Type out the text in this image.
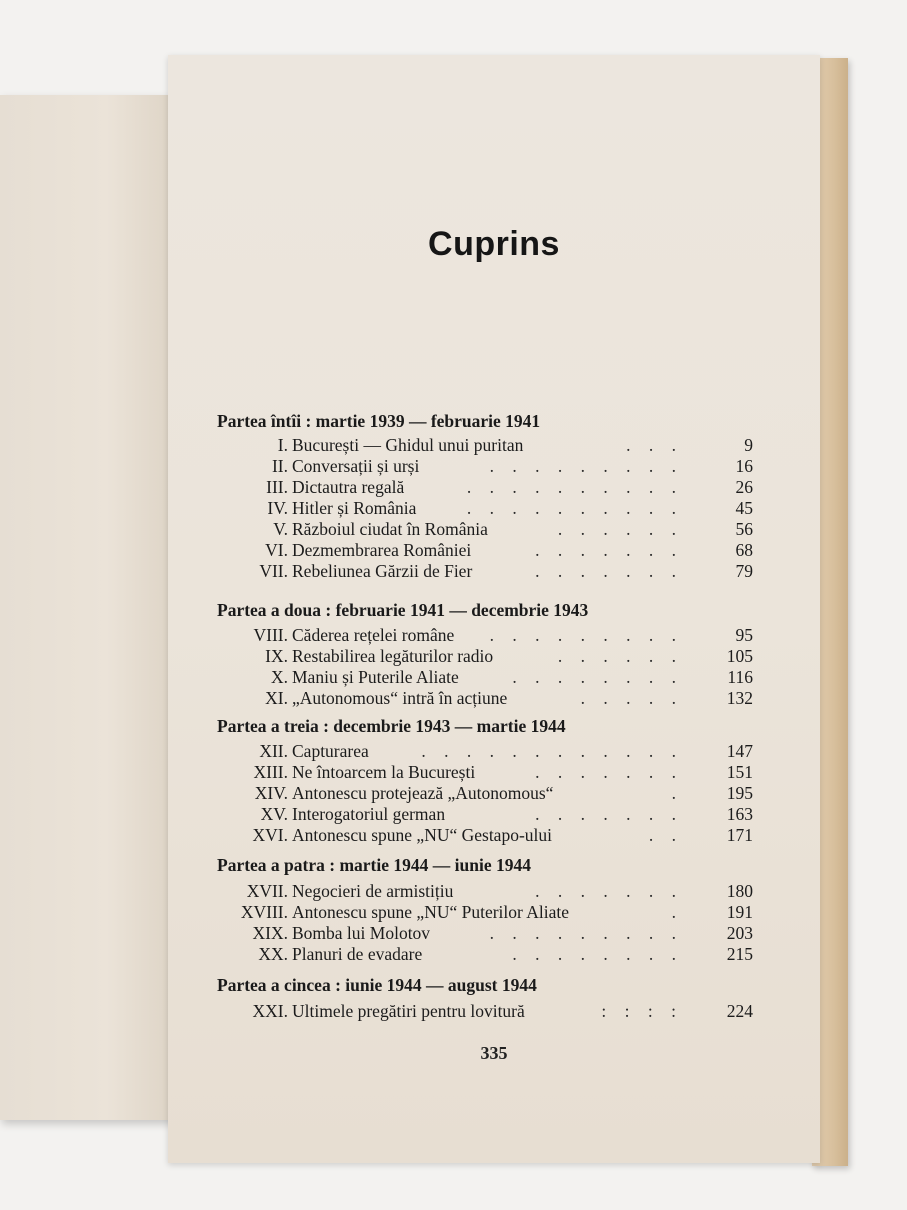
Cuprins
Partea întîi : martie 1939 — februarie 1941
I. București — Ghidul unui puritan	. . .	9
II. Conversații și urși	. . . . . . . . .	16
III. Dictautra regală	. . . . . . . . . .	26
IV. Hitler și România	. . . . . . . . . .	45
V. Războiul ciudat în România	. . . . . .	56
VI. Dezmembrarea României	. . . . . . .	68
VII. Rebeliunea Gărzii de Fier	. . . . . . .	79
Partea a doua : februarie 1941 — decembrie 1943
VIII. Căderea rețelei române . . . . . . . . .	95
IX. Restabilirea legăturilor radio	. . . . . .	105
X. Maniu și Puterile Aliate	. . . . . . . .	116
XI. „Autonomous“ intră în acțiune	. . . . .	132
Partea a treia : decembrie 1943 — martie 1944
XII. Capturarea	. . . . . . . . . . . .	147
XIII. Ne întoarcem la București	. . . . . . .	151
XIV. Antonescu protejează „Autonomous“	.	195
XV. Interogatoriul german	. . . . . . .	163
XVI. Antonescu spune „NU“ Gestapo-ului	. .	171
Partea a patra : martie 1944 — iunie 1944
XVII. Negocieri de armistițiu	. . . . . . .	180
XVIII. Antonescu spune „NU“ Puterilor Aliate	.	191
XIX. Bomba lui Molotov	. . . . . . . . .	203
XX. Planuri de evadare	. . . . . . . .	215
Partea a cincea : iunie 1944 — august 1944
XXI. Ultimele pregătiri pentru lovitură	: : : :	224
335
